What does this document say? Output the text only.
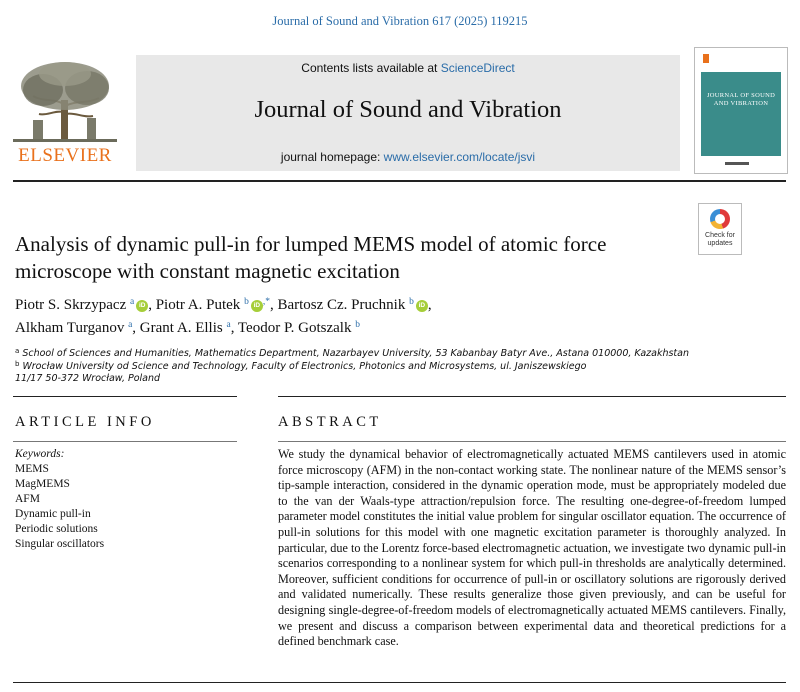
Journal of Sound and Vibration 617 (2025) 119215
ELSEVIER
Contents lists available at ScienceDirect
Journal of Sound and Vibration
journal homepage: www.elsevier.com/locate/jsvi
JOURNAL OF SOUND AND VIBRATION
Check for updates
Analysis of dynamic pull-in for lumped MEMS model of atomic force microscope with constant magnetic excitation
Piotr S. Skrzypacz $^a$ iD , Piotr A. Putek $^b$ iD ,*, Bartosz Cz. Pruchnik $^b$ iD ,
Alkham Turganov $^a$, Grant A. Ellis $^a$, Teodor P. Gotszalk $^b$
$^a$ School of Sciences and Humanities, Mathematics Department, Nazarbayev University, 53 Kabanbay Batyr Ave., Astana 010000, Kazakhstan
$^b$ Wrocław University od Science and Technology, Faculty of Electronics, Photonics and Microsystems, ul. Janiszewskiego
11/17 50-372 Wrocław, Poland
ARTICLE INFO	ABSTRACT
Keywords:
MEMS
MagMEMS
AFM
Dynamic pull-in
Periodic solutions
Singular oscillators
We study the dynamical behavior of electromagnetically actuated MEMS cantilevers used in atomic force microscopy (AFM) in the non-contact working state. The nonlinear nature of the MEMS sensor’s tip-sample interaction, considered in the dynamic operation mode, must be appropriately modeled due to the van der Waals-type attraction/repulsion force. The resulting one-degree-of-freedom lumped parameter model constitutes the initial value problem for singular oscillator equation. The occurrence of pull-in solutions for this model with one magnetic excitation parameter is thoroughly analyzed. In particular, due to the Lorentz force-based electromagnetic actuation, we investigate two dynamic pull-in scenarios corresponding to a nonlinear system for which pull-in thresholds are analytically determined. Moreover, sufficient conditions for occurrence of pull-in or oscillatory solutions are rigorously derived and validated numerically. These results generalize those given previously, and can be useful for designing single-degree-of-freedom models of electromagnetically actuated MEMS cantilevers. Finally, we present and discuss a comparison between experimental data and theoretical predictions for a defined benchmark case.
